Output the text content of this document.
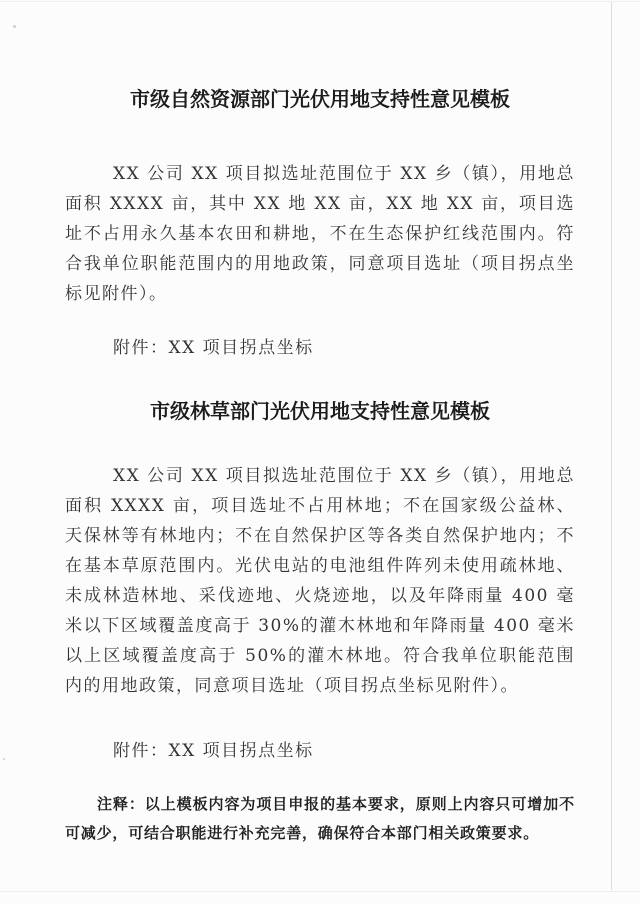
市级自然资源部门光伏用地支持性意见模板

XX 公司 XX 项目拟选址范围位于 XX 乡（镇），用地总面积 XXXX 亩，其中 XX 地 XX 亩，XX 地 XX 亩，项目选址不占用永久基本农田和耕地，不在生态保护红线范围内。符合我单位职能范围内的用地政策，同意项目选址（项目拐点坐标见附件）。

附件：XX 项目拐点坐标

市级林草部门光伏用地支持性意见模板

XX 公司 XX 项目拟选址范围位于 XX 乡（镇），用地总面积 XXXX 亩，项目选址不占用林地；不在国家级公益林、天保林等有林地内；不在自然保护区等各类自然保护地内；不在基本草原范围内。光伏电站的电池组件阵列未使用疏林地、未成林造林地、采伐迹地、火烧迹地，以及年降雨量 400 毫米以下区域覆盖度高于 30%的灌木林地和年降雨量 400 毫米以上区域覆盖度高于 50%的灌木林地。符合我单位职能范围内的用地政策，同意项目选址（项目拐点坐标见附件）。

附件：XX 项目拐点坐标

注释：以上模板内容为项目申报的基本要求，原则上内容只可增加不可减少，可结合职能进行补充完善，确保符合本部门相关政策要求。
